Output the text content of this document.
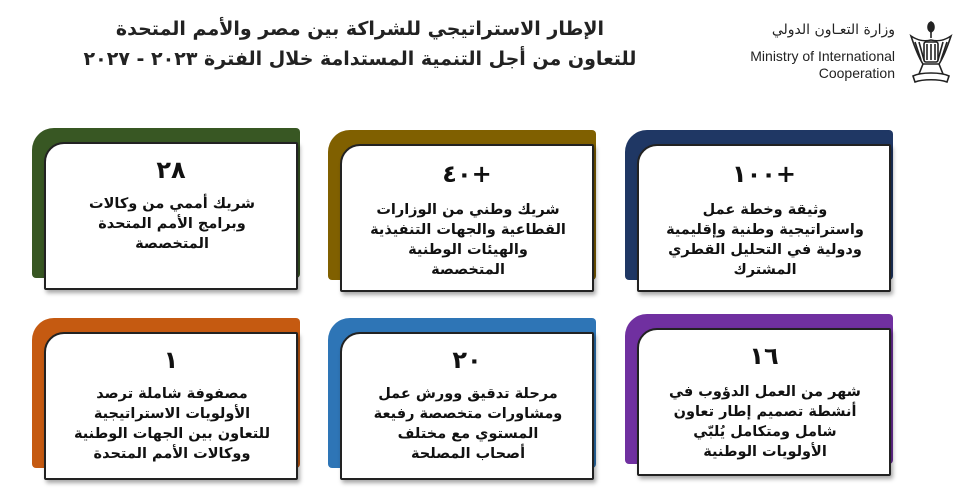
الإطار الاستراتيجي للشراكة بين مصر والأمم المتحدة
للتعاون من أجل التنمية المستدامة خلال الفترة ٢٠٢٣ - ٢٠٢٧
وزارة التعـاون الدولي
Ministry of International
Cooperation
+١٠٠
وثيقة وخطة عمل
واستراتيجية وطنية وإقليمية
ودولية في التحليل القطري
المشترك
+٤٠
شريك وطني من الوزارات
القطاعية والجهات التنفيذية
والهيئات الوطنية
المتخصصة
٢٨
شريك أممي من وكالات
وبرامج الأمم المتحدة
المتخصصة
١٦
شهر من العمل الدؤوب في
أنشطة تصميم إطار تعاون
شامل ومتكامل يُلبّي
الأولويات الوطنية
٢٠
مرحلة تدقيق وورش عمل
ومشاورات متخصصة رفيعة
المستوي مع مختلف
أصحاب المصلحة
١
مصفوفة شاملة ترصد
الأولويات الاستراتيجية
للتعاون بين الجهات الوطنية
ووكالات الأمم المتحدة
